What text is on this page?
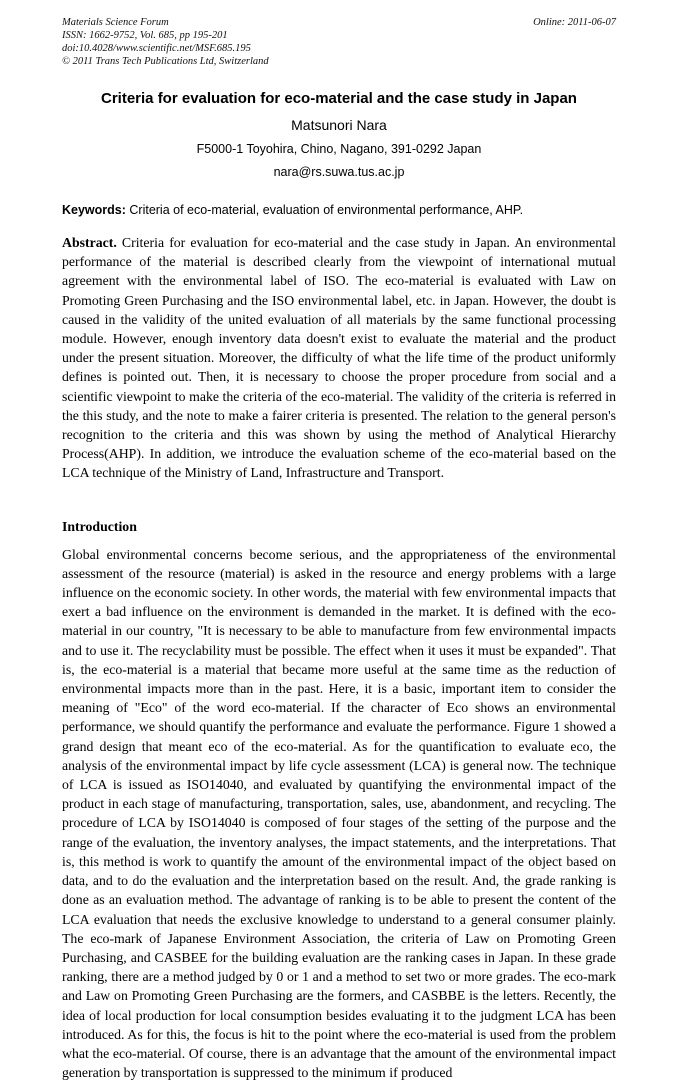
Materials Science Forum
ISSN: 1662-9752, Vol. 685, pp 195-201
doi:10.4028/www.scientific.net/MSF.685.195
© 2011 Trans Tech Publications Ltd, Switzerland
Online: 2011-06-07
Criteria for evaluation for eco-material and the case study in Japan
Matsunori Nara
F5000-1 Toyohira, Chino, Nagano, 391-0292 Japan
nara@rs.suwa.tus.ac.jp
Keywords: Criteria of eco-material, evaluation of environmental performance, AHP.
Abstract. Criteria for evaluation for eco-material and the case study in Japan. An environmental performance of the material is described clearly from the viewpoint of international mutual agreement with the environmental label of ISO. The eco-material is evaluated with Law on Promoting Green Purchasing and the ISO environmental label, etc. in Japan. However, the doubt is caused in the validity of the united evaluation of all materials by the same functional processing module. However, enough inventory data doesn't exist to evaluate the material and the product under the present situation. Moreover, the difficulty of what the life time of the product uniformly defines is pointed out. Then, it is necessary to choose the proper procedure from social and a scientific viewpoint to make the criteria of the eco-material. The validity of the criteria is referred in the this study, and the note to make a fairer criteria is presented. The relation to the general person's recognition to the criteria and this was shown by using the method of Analytical Hierarchy Process(AHP). In addition, we introduce the evaluation scheme of the eco-material based on the LCA technique of the Ministry of Land, Infrastructure and Transport.
Introduction
Global environmental concerns become serious, and the appropriateness of the environmental assessment of the resource (material) is asked in the resource and energy problems with a large influence on the economic society. In other words, the material with few environmental impacts that exert a bad influence on the environment is demanded in the market. It is defined with the eco-material in our country, "It is necessary to be able to manufacture from few environmental impacts and to use it. The recyclability must be possible. The effect when it uses it must be expanded". That is, the eco-material is a material that became more useful at the same time as the reduction of environmental impacts more than in the past. Here, it is a basic, important item to consider the meaning of "Eco" of the word eco-material. If the character of Eco shows an environmental performance, we should quantify the performance and evaluate the performance. Figure 1 showed a grand design that meant eco of the eco-material. As for the quantification to evaluate eco, the analysis of the environmental impact by life cycle assessment (LCA) is general now. The technique of LCA is issued as ISO14040, and evaluated by quantifying the environmental impact of the product in each stage of manufacturing, transportation, sales, use, abandonment, and recycling. The procedure of LCA by ISO14040 is composed of four stages of the setting of the purpose and the range of the evaluation, the inventory analyses, the impact statements, and the interpretations. That is, this method is work to quantify the amount of the environmental impact of the object based on data, and to do the evaluation and the interpretation based on the result. And, the grade ranking is done as an evaluation method. The advantage of ranking is to be able to present the content of the LCA evaluation that needs the exclusive knowledge to understand to a general consumer plainly. The eco-mark of Japanese Environment Association, the criteria of Law on Promoting Green Purchasing, and CASBEE for the building evaluation are the ranking cases in Japan. In these grade ranking, there are a method judged by 0 or 1 and a method to set two or more grades. The eco-mark and Law on Promoting Green Purchasing are the formers, and CASBBE is the letters. Recently, the idea of local production for local consumption besides evaluating it to the judgment LCA has been introduced. As for this, the focus is hit to the point where the eco-material is used from the problem what the eco-material. Of course, there is an advantage that the amount of the environmental impact generation by transportation is suppressed to the minimum if produced
